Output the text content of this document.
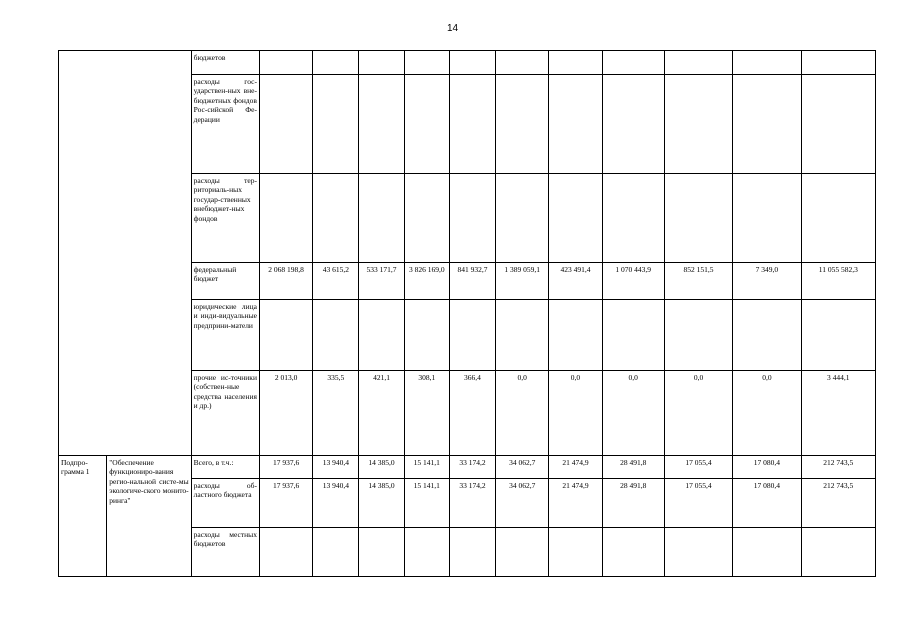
14
		бюджетов											
		расходы гос-ударствен-ных вне-бюджетных фондов Рос-сийской Фе-дерации											
		расходы тер-риториаль-ных государ-ственных внебюджет-ных фондов											
		федеральный бюджет	2 068 198,8	43 615,2	533 171,7	3 826 169,0	841 932,7	1 389 059,1	423 491,4	1 070 443,9	852 151,5	7 349,0	11 055 582,3
		юридические лица и инди-видуальные предприни-матели											
		прочие ис-точники (собствен-ные средства населения и др.)	2 013,0	335,5	421,1	308,1	366,4	0,0	0,0	0,0	0,0	0,0	3 444,1
Подпро-грамма 1	"Обеспечение функциониро-вания регио-нальной систе-мы экологиче-ского монито-ринга"	Всего, в т.ч.:	17 937,6	13 940,4	14 385,0	15 141,1	33 174,2	34 062,7	21 474,9	28 491,8	17 055,4	17 080,4	212 743,5
		расходы об-ластного бюджета	17 937,6	13 940,4	14 385,0	15 141,1	33 174,2	34 062,7	21 474,9	28 491,8	17 055,4	17 080,4	212 743,5
		расходы местных бюджетов											
